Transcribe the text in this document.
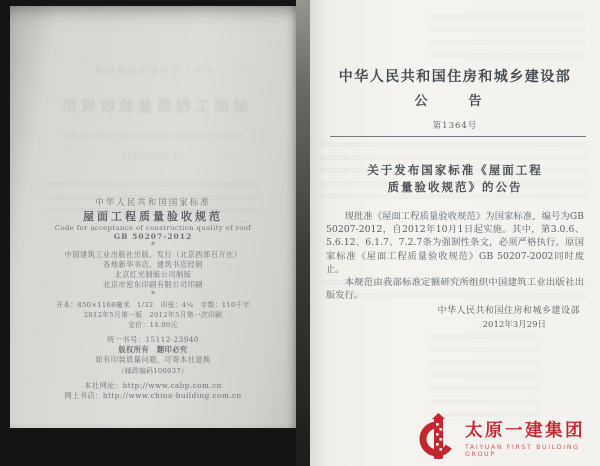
中华人民共和国国家标准
屋面工程质量验收规范
Code for acceptance of construction quality of roof
GB 50207-2012
中华人民共和国国家标准
屋面工程质量验收规范
Code for acceptance of construction quality of roof
GB 50207-2012
*
中国建筑工业出版社出版、发行（北京西郊百万庄）
各地新华书店、建筑书店经销
北京红光制版公司制版
北京市密东印刷有限公司印刷
*
开本：850×1168毫米　1/32　印张：4¼　字数：110千字
2012年5月第一版　2012年5月第一次印刷
定价：14.00元
统一书号：15112·23940
版权所有　翻印必究
如有印装质量问题，可寄本社退换
（邮政编码100037）
本社网址：http://www.cabp.com.cn
网上书店：http://www.china-building.com.cn
中华人民共和国住房和城乡建设部
公　告
第1364号
关于发布国家标准《屋面工程
质量验收规范》的公告

现批准《屋面工程质量验收规范》为国家标准，编号为GB 50207-2012，自2012年10月1日起实施。其中，第3.0.6、5.6.12、6.1.7、7.2.7条为强制性条文，必须严格执行。原国家标准《屋面工程质量验收规范》GB 50207-2002同时废止。

本规范由我部标准定额研究所组织中国建筑工业出版社出版发行。

中华人民共和国住房和城乡建设部
2012年3月29日
太原一建集团
TAIYUAN FIRST BUILDING GROUP
